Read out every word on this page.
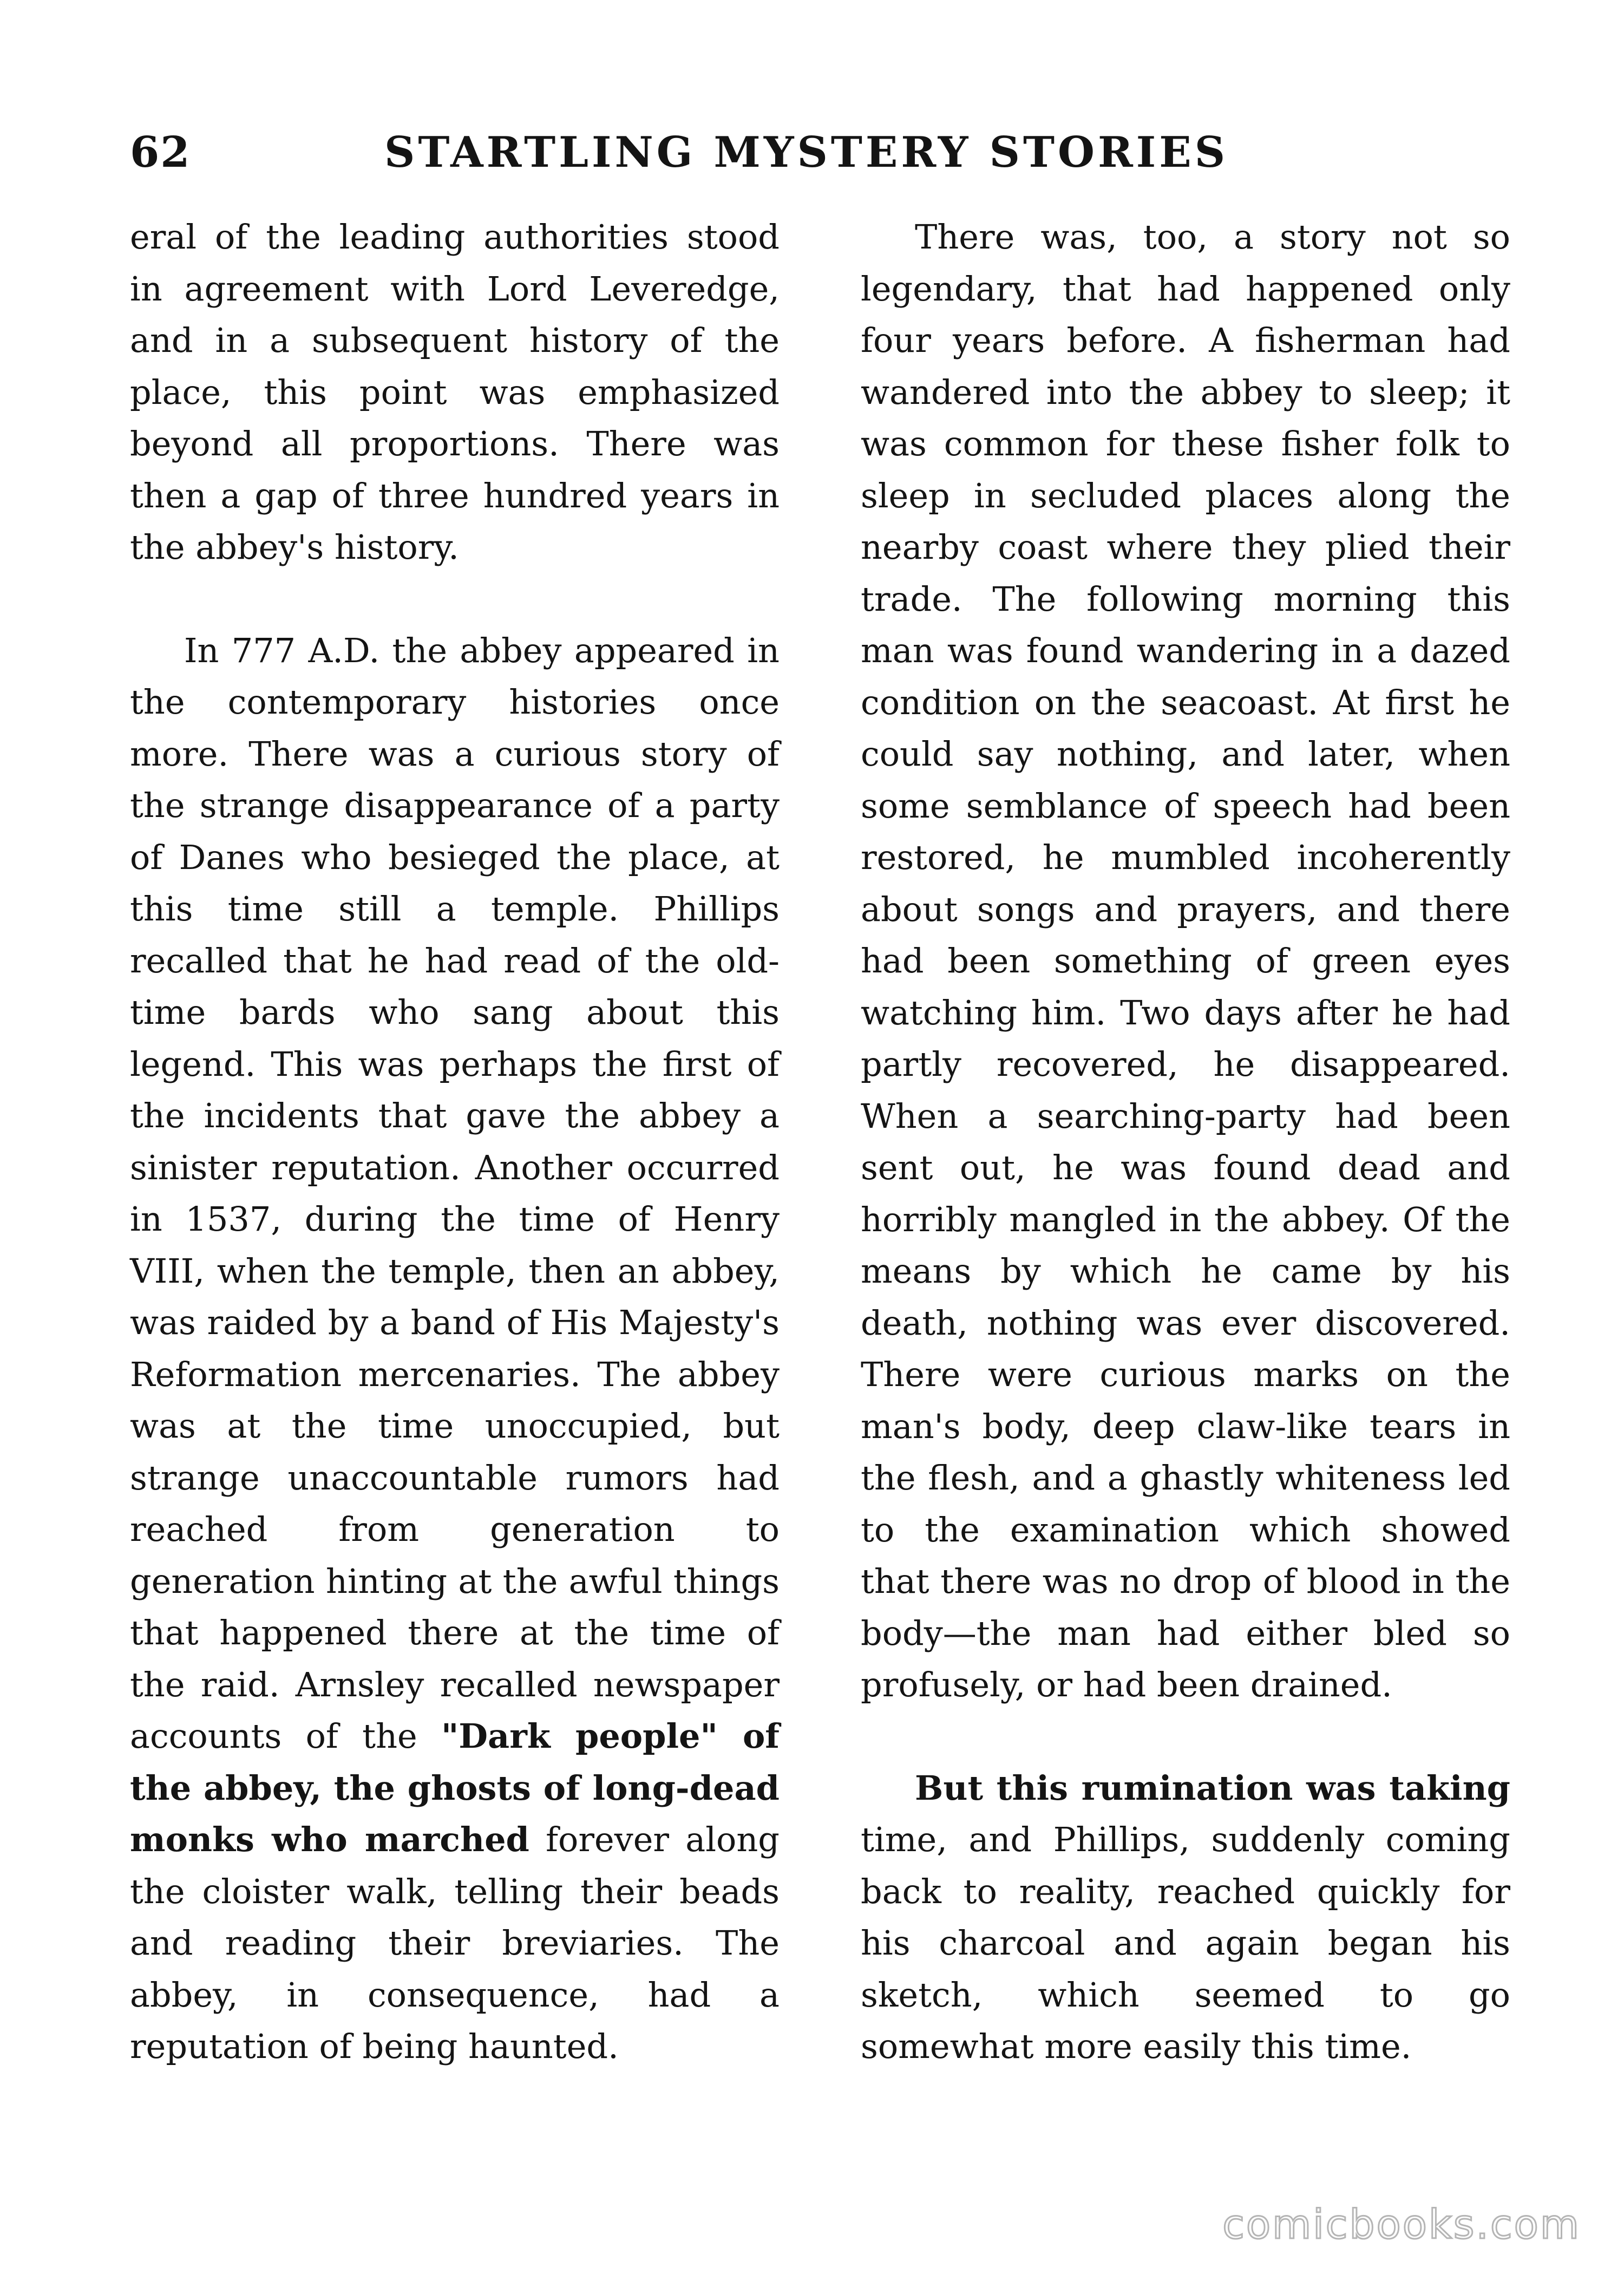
62	STARTLING MYSTERY STORIES

eral of the leading authorities stood in agreement with Lord Leveredge, and in a subsequent history of the place, this point was emphasized beyond all proportions. There was then a gap of three hundred years in the abbey's history.

In 777 A.D. the abbey appeared in the contemporary histories once more. There was a curious story of the strange disappearance of a party of Danes who besieged the place, at this time still a temple. Phillips recalled that he had read of the old-time bards who sang about this legend. This was perhaps the first of the incidents that gave the abbey a sinister reputation. Another occurred in 1537, during the time of Henry VIII, when the temple, then an abbey, was raided by a band of His Majesty's Reformation mercenaries. The abbey was at the time unoccupied, but strange unaccountable rumors had reached from generation to generation hinting at the awful things that happened there at the time of the raid. Arnsley recalled newspaper accounts of the "Dark people" of the abbey, the ghosts of long-dead monks who marched forever along the cloister walk, telling their beads and reading their breviaries. The abbey, in consequence, had a reputation of being haunted.

There was, too, a story not so legendary, that had happened only four years before. A fisherman had wandered into the abbey to sleep; it was common for these fisher folk to sleep in secluded places along the nearby coast where they plied their trade. The following morning this man was found wandering in a dazed condition on the seacoast. At first he could say nothing, and later, when some semblance of speech had been restored, he mumbled incoherently about songs and prayers, and there had been something of green eyes watching him. Two days after he had partly recovered, he disappeared. When a searching-party had been sent out, he was found dead and horribly mangled in the abbey. Of the means by which he came by his death, nothing was ever discovered. There were curious marks on the man's body, deep claw-like tears in the flesh, and a ghastly whiteness led to the examination which showed that there was no drop of blood in the body—the man had either bled so profusely, or had been drained.

But this rumination was taking time, and Phillips, suddenly coming back to reality, reached quickly for his charcoal and again began his sketch, which seemed to go somewhat more easily this time.

comicbooks.com
